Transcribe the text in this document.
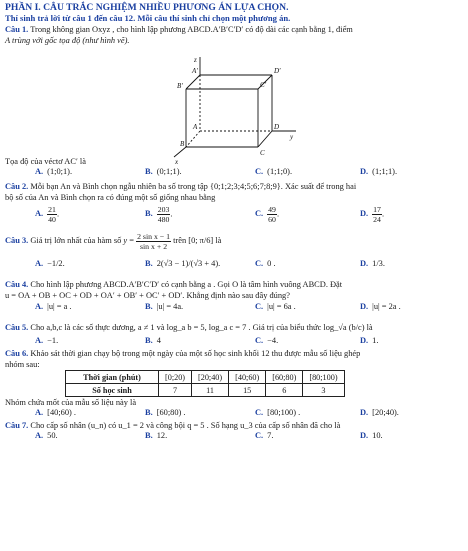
PHẦN I. CÂU TRẮC NGHIỆM NHIỀU PHƯƠNG ÁN LỰA CHỌN.
Thí sinh trả lời từ câu 1 đến câu 12. Mỗi câu thí sinh chỉ chọn một phương án.
Câu 1. Trong không gian Oxyz , cho hình lập phương ABCD.A′B′C′D′ có độ dài các cạnh bằng 1, điểm
A trùng với gốc tọa độ (như hình vẽ).
Tọa độ của véctơ AC′ là
A. (1;0;1).	B. (0;1;1).	C. (1;1;0).	D. (1;1;1).
Câu 2. Mỗi bạn An và Bình chọn ngẫu nhiên ba số trong tập {0;1;2;3;4;5;6;7;8;9}. Xác suất để trong hai
bộ số của An và Bình chọn ra có đúng một số giống nhau bằng
A. $\frac{21}{40}$ .	B. $\frac{203}{480}$ .	C. $\frac{49}{60}$ .	D. $\frac{17}{24}$ .
Câu 3. Giá trị lớn nhất của hàm số $y = \frac{\text{2 sin x − 1}}{\text{sin x + 2}}$ trên [0; π/6] là
A. −1/2.	B. 2(√3 − 1)/(√3 + 4).	C. 0 .	D. 1/3.
Câu 4. Cho hình lập phương ABCD.A′B′C′D′ có cạnh bằng a . Gọi O là tâm hình vuông ABCD. Đặt
u = OA + OB + OC + OD + OA′ + OB′ + OC′ + OD′. Khẳng định nào sau đây đúng?
A. |u| = a .	B. |u| = 4a.	C. |u| = 6a .	D. |u| = 2a .
Câu 5. Cho a,b,c là các số thực dương, a ≠ 1 và log_a b = 5, log_a c = 7 . Giá trị của biểu thức log_√a (b/c) là
A. −1.	B. 4	C. −4.	D. 1.
Câu 6. Khảo sát thời gian chạy bộ trong một ngày của một số học sinh khối 12 thu được mẫu số liệu ghép
nhóm sau:
Thời gian (phút)	[0;20)	[20;40)	[40;60)	[60;80)	[80;100)
Số học sinh	7	11	15	6	3
Nhóm chứa mốt của mẫu số liệu này là
A. [40;60) .	B. [60;80) .	C. [80;100) .	D. [20;40).
Câu 7. Cho cấp số nhân (u_n) có u_1 = 2 và công bội q = 5 . Số hạng u_3 của cấp số nhân đã cho là
A. 50.	B. 12.	C. 7.	D. 10.
z
A′	D′
B′	C′
A	D
y
B
C
x
